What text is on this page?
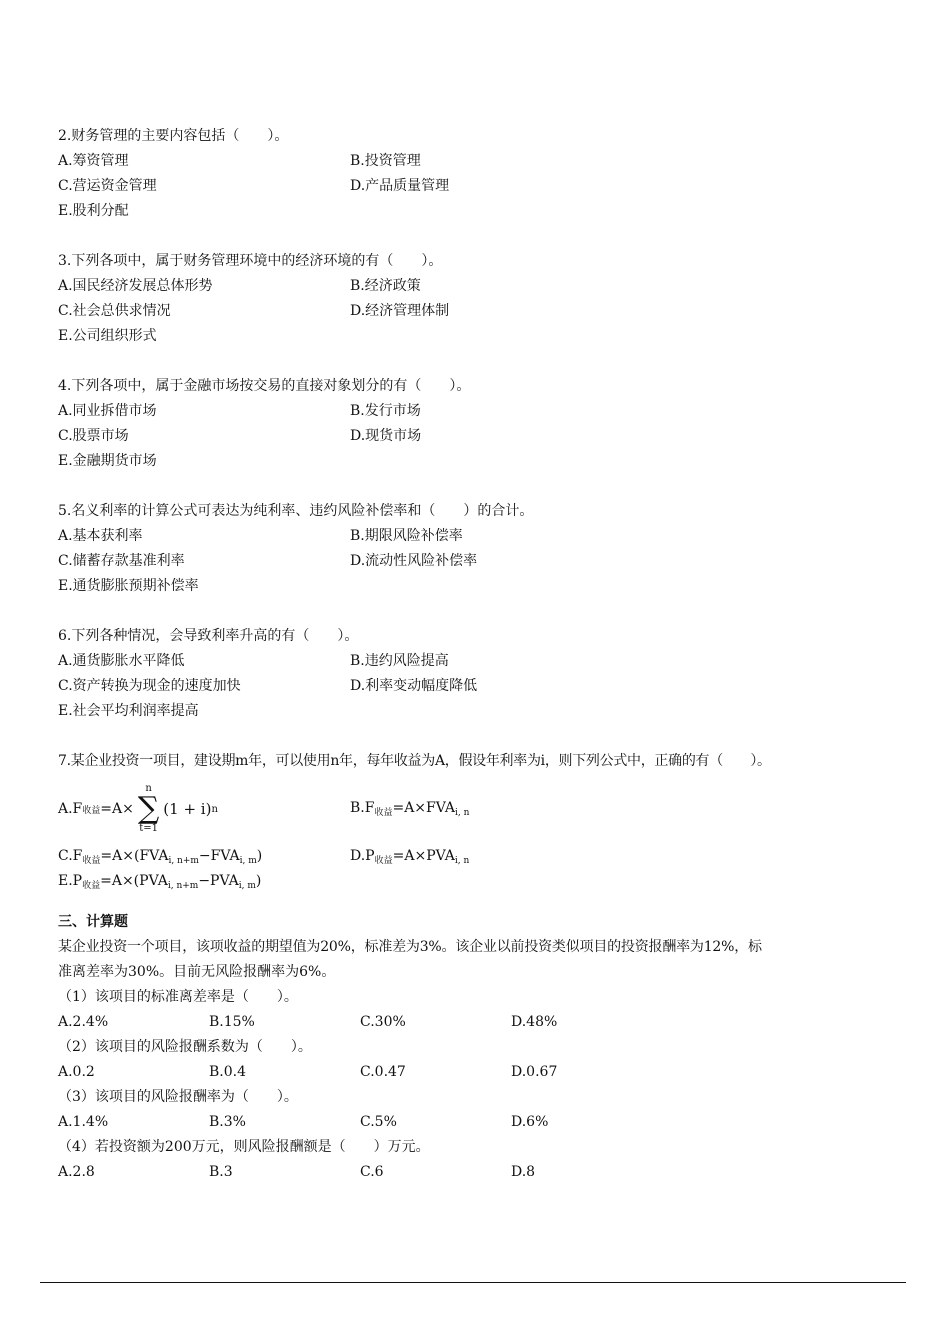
2.财务管理的主要内容包括（　　）。
A.筹资管理	B.投资管理
C.营运资金管理	D.产品质量管理
E.股利分配
3.下列各项中，属于财务管理环境中的经济环境的有（　　）。
A.国民经济发展总体形势	B.经济政策
C.社会总供求情况	D.经济管理体制
E.公司组织形式
4.下列各项中，属于金融市场按交易的直接对象划分的有（　　）。
A.同业拆借市场	B.发行市场
C.股票市场	D.现货市场
E.金融期货市场
5.名义利率的计算公式可表达为纯利率、违约风险补偿率和（　　）的合计。
A.基本获利率	B.期限风险补偿率
C.储蓄存款基准利率	D.流动性风险补偿率
E.通货膨胀预期补偿率
6.下列各种情况，会导致利率升高的有（　　）。
A.通货膨胀水平降低	B.违约风险提高
C.资产转换为现金的速度加快	D.利率变动幅度降低
E.社会平均利润率提高
7.某企业投资一项目，建设期m年，可以使用n年，每年收益为A，假设年利率为i，则下列公式中，正确的有（　　）。
A.F 收益 =A×
n
∑
t=1
(1 + i) n	$B.F_{收益}=A\times FVA_{i, n}$
$C.F_{收益}=A\times(FVA_{i, n+m}-FVA_{i, m})$	$D.P_{收益}=A\times PVA_{i, n}$
$E.P_{收益}=A\times(PVA_{i, n+m}-PVA_{i, m})$
三、计算题
某企业投资一个项目，该项收益的期望值为20%，标准差为3%。该企业以前投资类似项目的投资报酬率为12%，标
准离差率为30%。目前无风险报酬率为6%。
（1）该项目的标准离差率是（　　）。
A.2.4%	B.15%	C.30%	D.48%
（2）该项目的风险报酬系数为（　　）。
A.0.2	B.0.4	C.0.47	D.0.67
（3）该项目的风险报酬率为（　　）。
A.1.4%	B.3%	C.5%	D.6%
（4）若投资额为200万元，则风险报酬额是（　　）万元。
A.2.8	B.3	C.6	D.8
